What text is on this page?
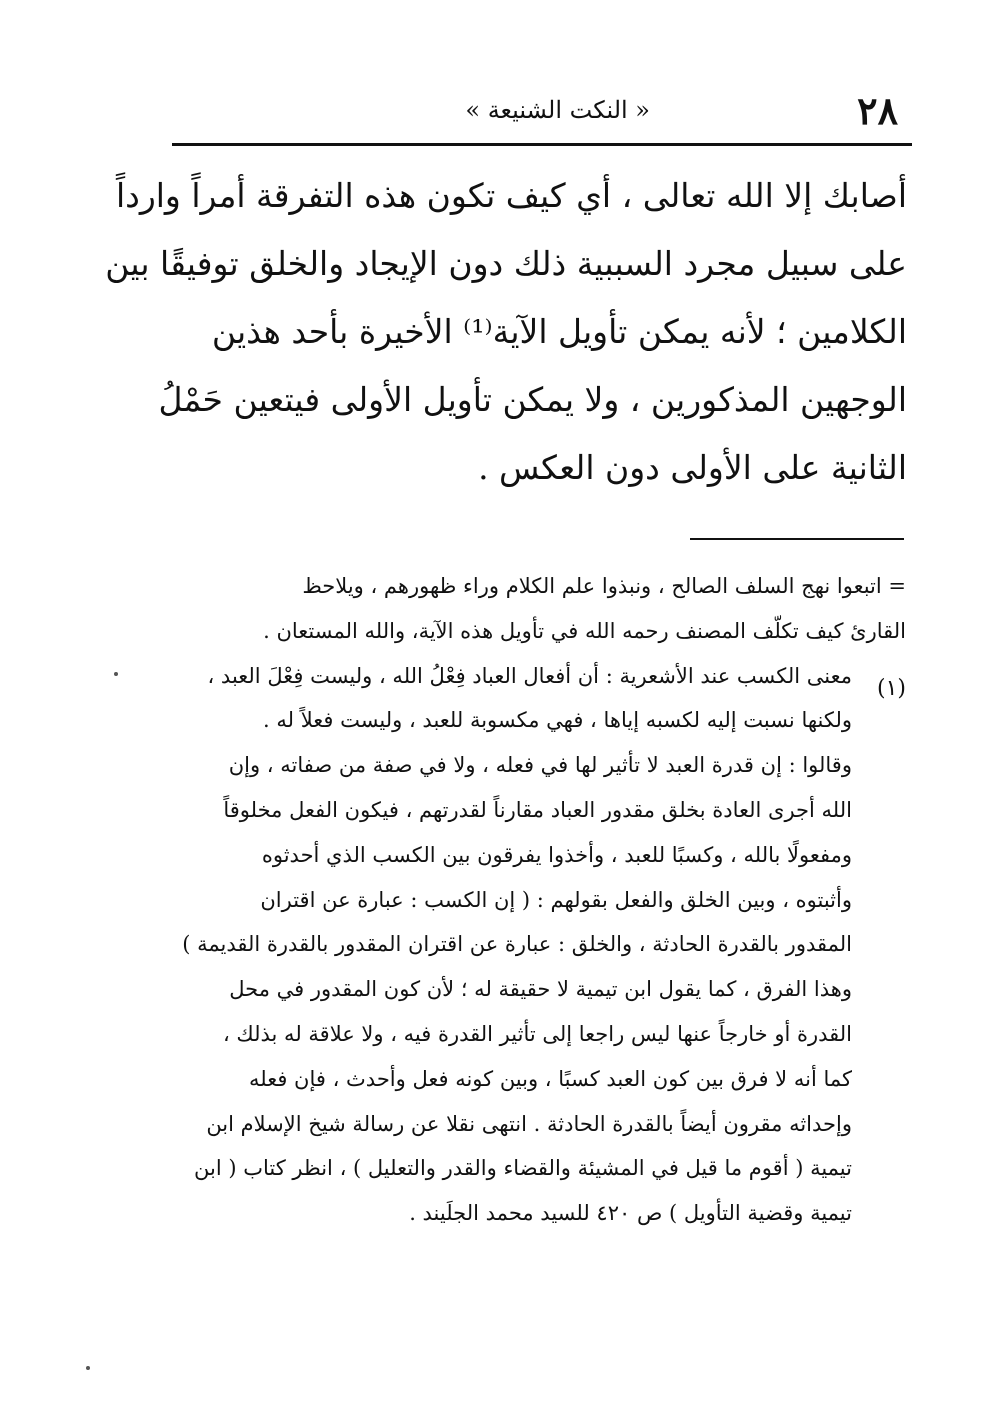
٢٨
« النكت الشنيعة »
أصابك إلا الله تعالى ، أي كيف تكون هذه التفرقة أمراً وارداً
على سبيل مجرد السببية ذلك دون الإيجاد والخلق توفيقًا بين
الكلامين ؛ لأنه يمكن تأويل الآية⁽¹⁾ الأخيرة بأحد هذين
الوجهين المذكورين ، ولا يمكن تأويل الأولى فيتعين حَمْلُ
الثانية على الأولى دون العكس .
= اتبعوا نهج السلف الصالح ، ونبذوا علم الكلام وراء ظهورهم ، ويلاحظ
القارئ كيف تكلّف المصنف رحمه الله في تأويل هذه الآية، والله المستعان .
معنى الكسب عند الأشعرية : أن أفعال العباد فِعْلُ الله ، وليست فِعْلَ العبد ،
ولكنها نسبت إليه لكسبه إياها ، فهي مكسوبة للعبد ، وليست فعلاً له .
وقالوا : إن قدرة العبد لا تأثير لها في فعله ، ولا في صفة من صفاته ، وإن
الله أجرى العادة بخلق مقدور العباد مقارناً لقدرتهم ، فيكون الفعل مخلوقاً
ومفعولًا بالله ، وكسبًا للعبد ، وأخذوا يفرقون بين الكسب الذي أحدثوه
وأثبتوه ، وبين الخلق والفعل بقولهم : ( إن الكسب : عبارة عن اقتران
المقدور بالقدرة الحادثة ، والخلق : عبارة عن اقتران المقدور بالقدرة القديمة )
وهذا الفرق ، كما يقول ابن تيمية لا حقيقة له ؛ لأن كون المقدور في محل
القدرة أو خارجاً عنها ليس راجعا إلى تأثير القدرة فيه ، ولا علاقة له بذلك ،
كما أنه لا فرق بين كون العبد كسبًا ، وبين كونه فعل وأحدث ، فإن فعله
وإحداثه مقرون أيضاً بالقدرة الحادثة . انتهى نقلا عن رسالة شيخ الإسلام ابن
تيمية ( أقوم ما قيل في المشيئة والقضاء والقدر والتعليل ) ، انظر كتاب ( ابن
تيمية وقضية التأويل ) ص ٤٢٠ للسيد محمد الجلَيند .
(١)
